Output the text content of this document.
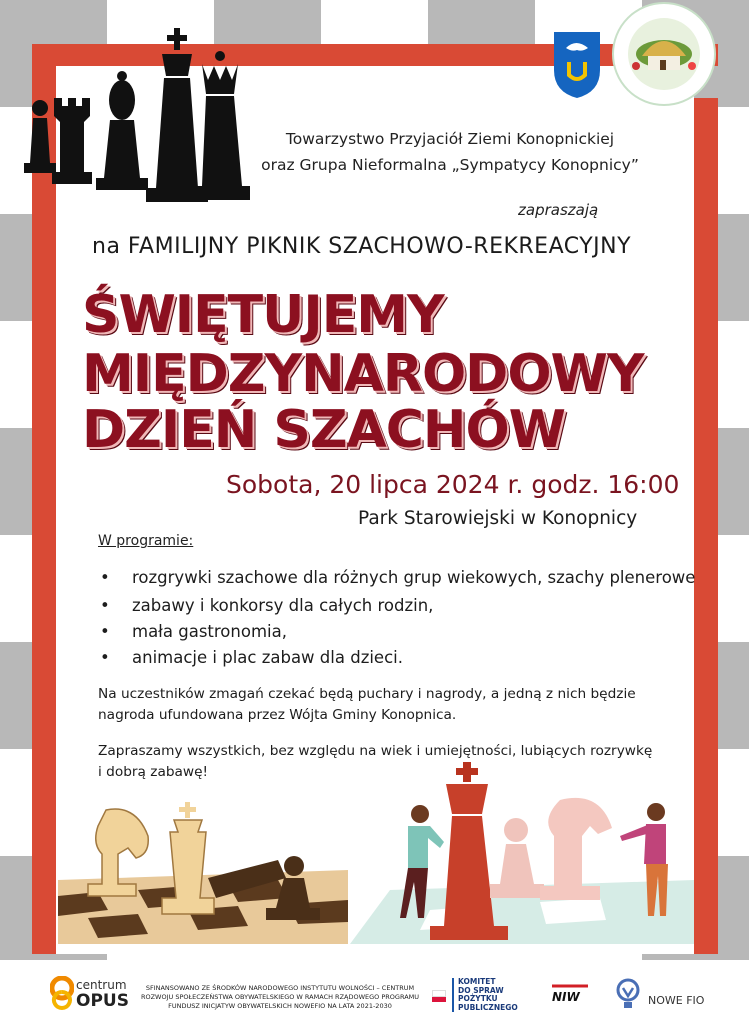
Towarzystwo Przyjaciół Ziemi Konopnickiej
oraz Grupa Nieformalna „Sympatycy Konopnicy”
zapraszają
na FAMILIJNY PIKNIK SZACHOWO-REKREACYJNY
ŚWIĘTUJEMY
MIĘDZYNARODOWY
DZIEŃ SZACHÓW
Sobota, 20 lipca 2024 r. godz. 16:00
Park Starowiejski w Konopnicy
W programie:
• rozgrywki szachowe dla różnych grup wiekowych, szachy plenerowe
• zabawy i konkorsy dla całych rodzin,
• mała gastronomia,
• animacje i plac zabaw dla dzieci.
Na uczestników zmagań czekać będą puchary i nagrody, a jedną z nich będzie
nagroda ufundowana przez Wójta Gminy Konopnica.
Zapraszamy wszystkich, bez względu na wiek i umiejętności, lubiących rozrywkę
i dobrą zabawę!
centrum
OPUS
SFINANSOWANO ZE ŚRODKÓW NARODOWEGO INSTYTUTU WOLNOŚCI – CENTRUM
ROZWOJU SPOŁECZEŃSTWA OBYWATELSKIEGO W RAMACH RZĄDOWEGO PROGRAMU
FUNDUSZ INICJATYW OBYWATELSKICH NOWEFIO NA LATA 2021-2030
KOMITET
DO SPRAW
POŻYTKU
PUBLICZNEGO
NIW	NOWE FIO
